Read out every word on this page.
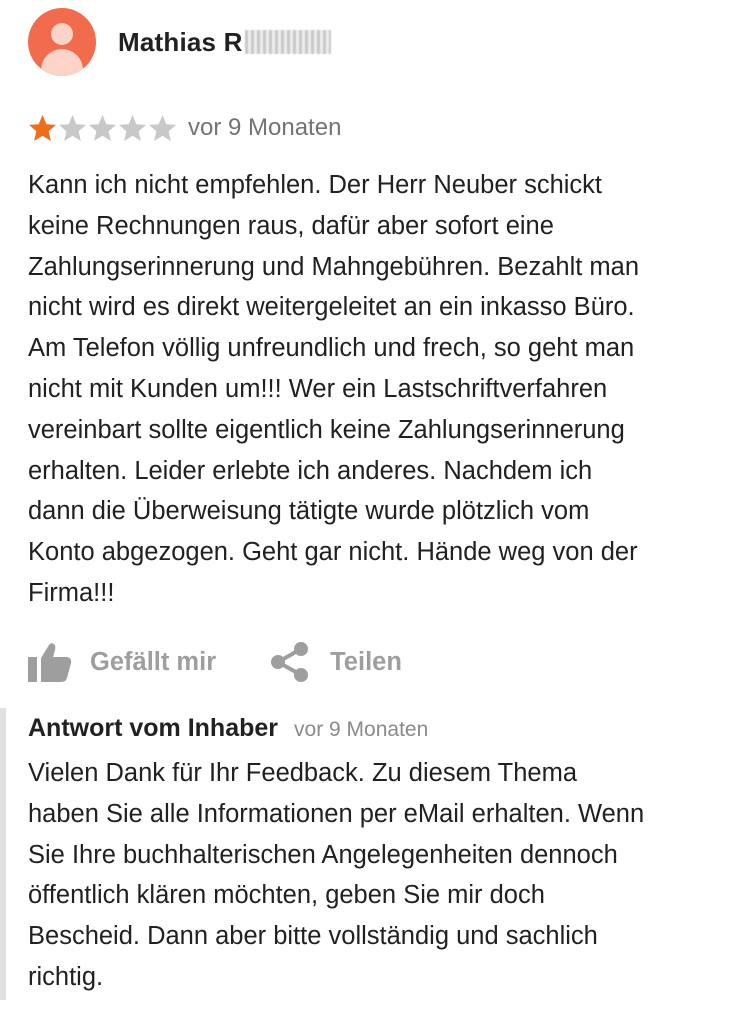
Mathias R
vor 9 Monaten

Kann ich nicht empfehlen. Der Herr Neuber schickt
keine Rechnungen raus, dafür aber sofort eine
Zahlungserinnerung und Mahngebühren. Bezahlt man
nicht wird es direkt weitergeleitet an ein inkasso Büro.
Am Telefon völlig unfreundlich und frech, so geht man
nicht mit Kunden um!!! Wer ein Lastschriftverfahren
vereinbart sollte eigentlich keine Zahlungserinnerung
erhalten. Leider erlebte ich anderes. Nachdem ich
dann die Überweisung tätigte wurde plötzlich vom
Konto abgezogen. Geht gar nicht. Hände weg von der
Firma!!!

Gefällt mir	Teilen
Antwort vom Inhaber vor 9 Monaten

Vielen Dank für Ihr Feedback. Zu diesem Thema
haben Sie alle Informationen per eMail erhalten. Wenn
Sie Ihre buchhalterischen Angelegenheiten dennoch
öffentlich klären möchten, geben Sie mir doch
Bescheid. Dann aber bitte vollständig und sachlich
richtig.
